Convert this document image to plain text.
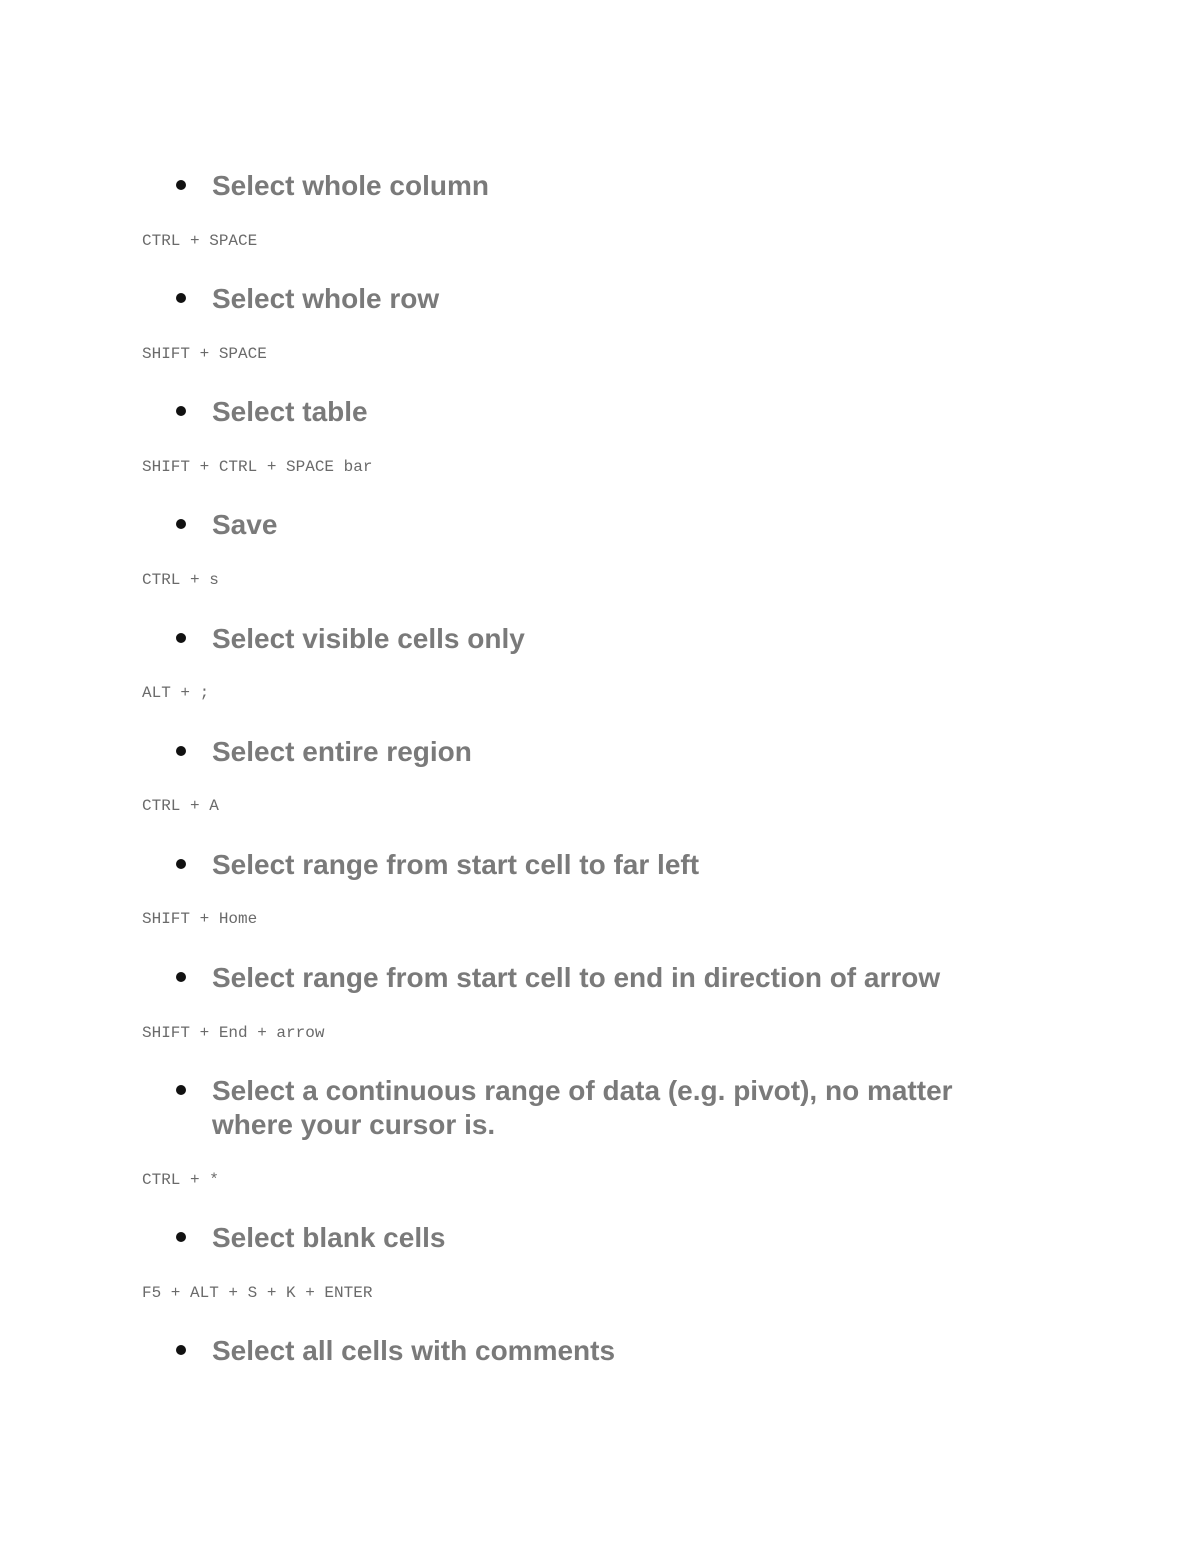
Select whole column

CTRL + SPACE

Select whole row

SHIFT + SPACE

Select table

SHIFT + CTRL + SPACE bar

Save

CTRL + s

Select visible cells only

ALT + ;

Select entire region

CTRL + A

Select range from start cell to far left

SHIFT + Home

Select range from start cell to end in direction of arrow

SHIFT + End + arrow

Select a continuous range of data (e.g. pivot), no matter where your cursor is.

CTRL + *

Select blank cells

F5 + ALT + S + K + ENTER

Select all cells with comments
